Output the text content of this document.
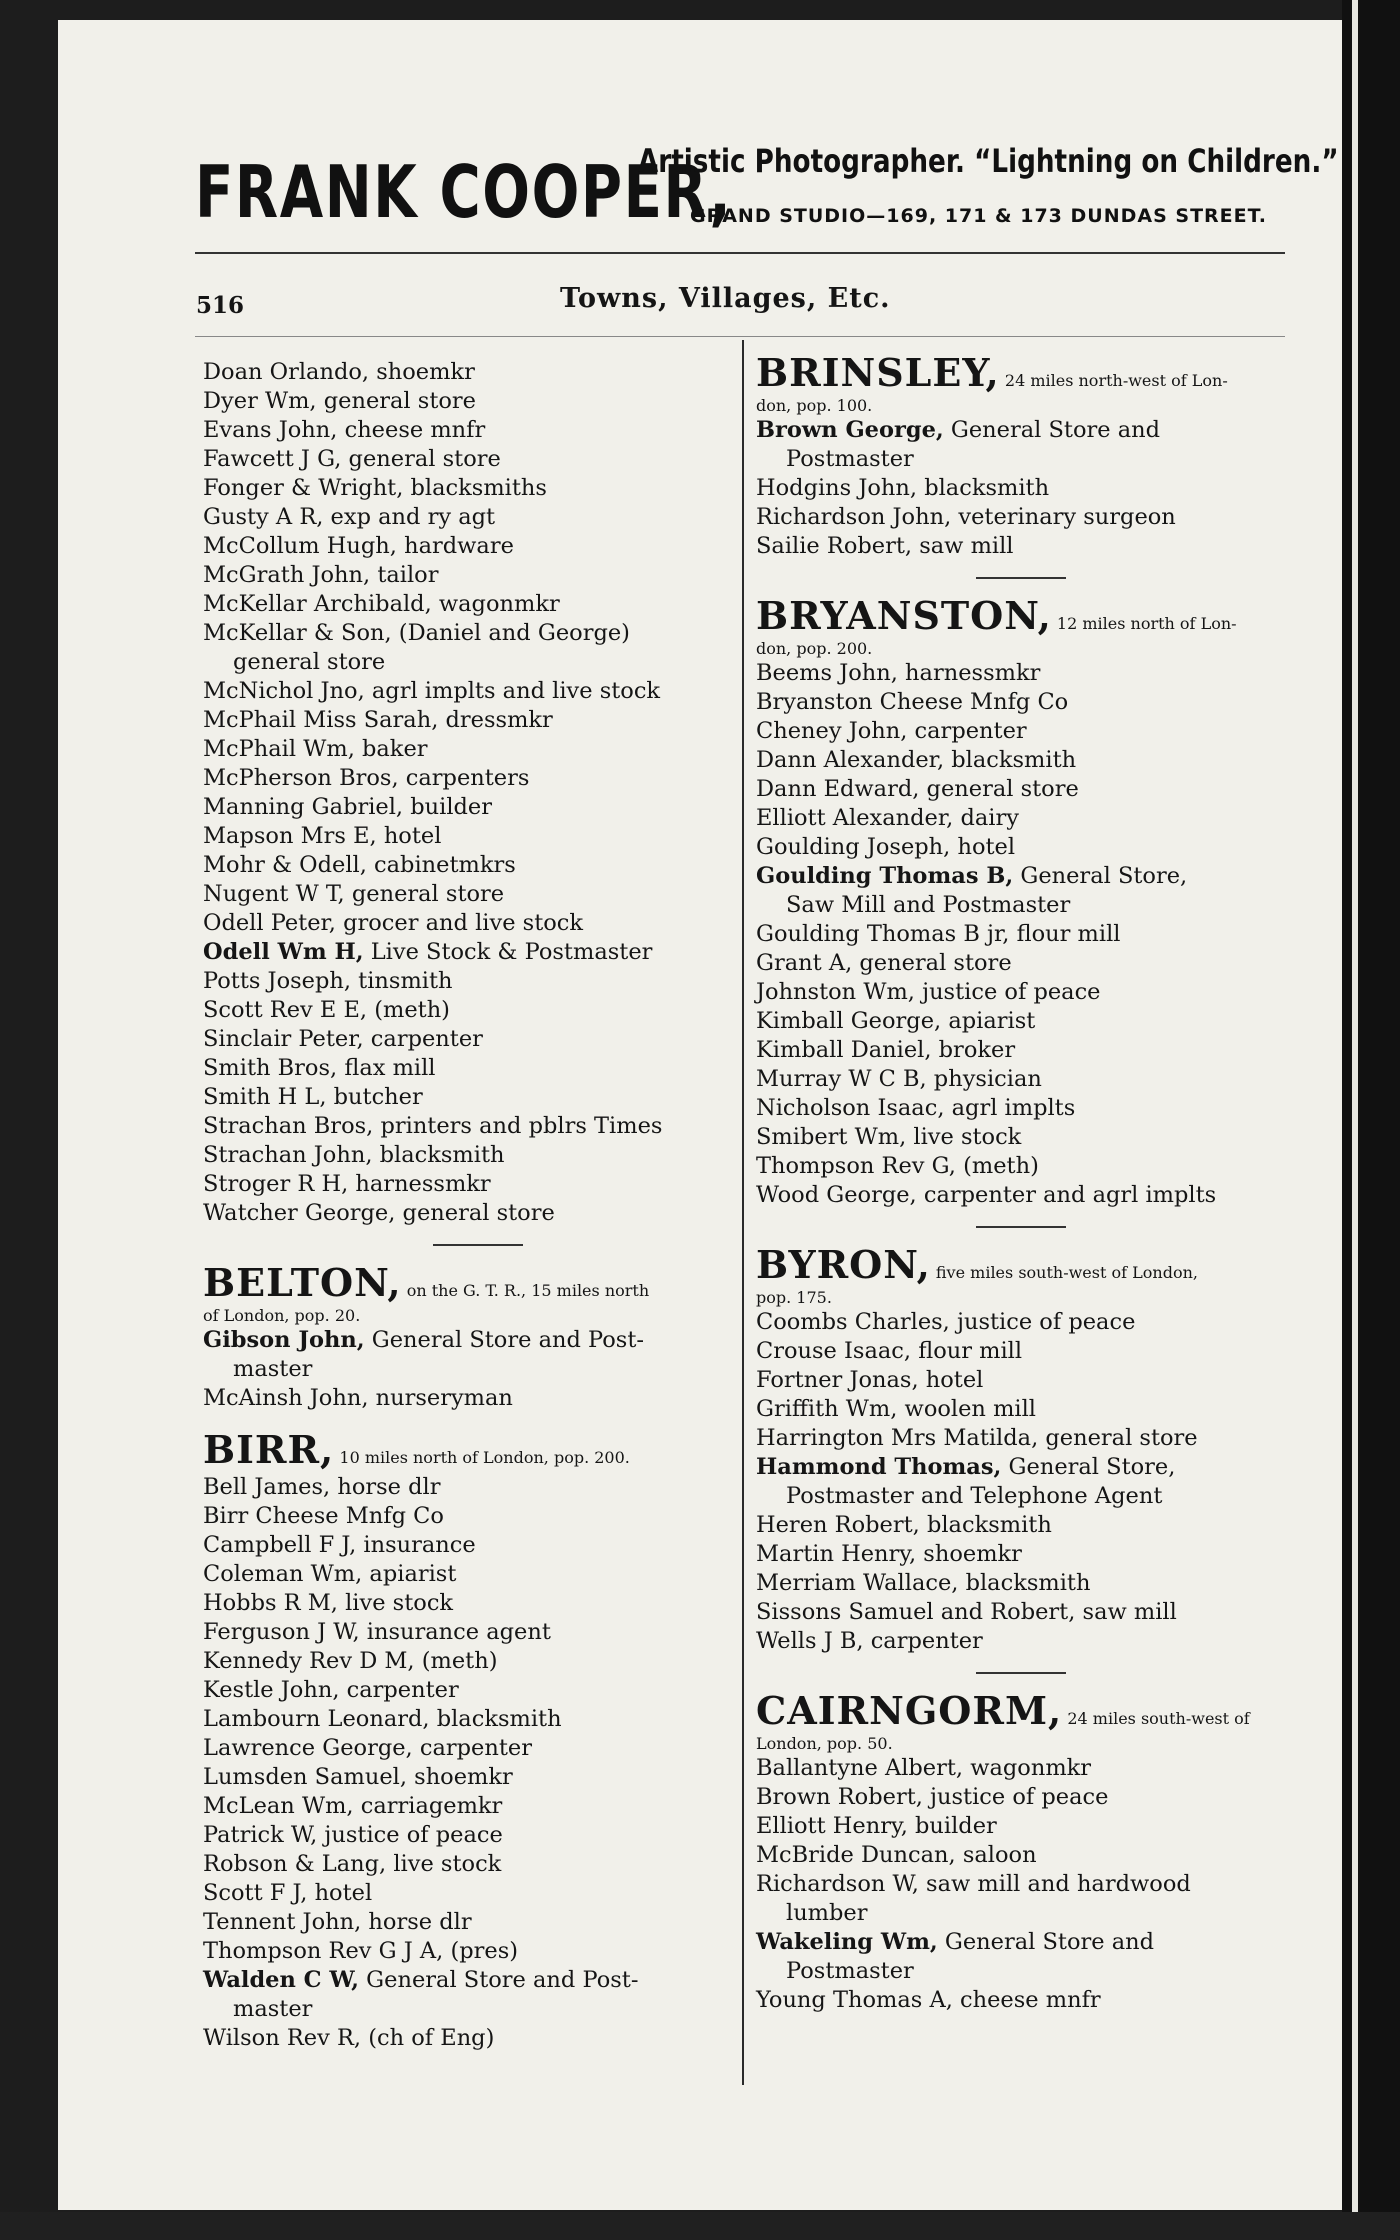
FRANK COOPER,
Artistic Photographer. “Lightning on Children.”
GRAND STUDIO—169, 171 & 173 DUNDAS STREET.
516	Towns, Villages, Etc.
Doan Orlando, shoemkr
Dyer Wm, general store
Evans John, cheese mnfr
Fawcett J G, general store
Fonger & Wright, blacksmiths
Gusty A R, exp and ry agt
McCollum Hugh, hardware
McGrath John, tailor
McKellar Archibald, wagonmkr
McKellar & Son, (Daniel and George)
general store
McNichol Jno, agrl implts and live stock
McPhail Miss Sarah, dressmkr
McPhail Wm, baker
McPherson Bros, carpenters
Manning Gabriel, builder
Mapson Mrs E, hotel
Mohr & Odell, cabinetmkrs
Nugent W T, general store
Odell Peter, grocer and live stock
Odell Wm H, Live Stock & Postmaster
Potts Joseph, tinsmith
Scott Rev E E, (meth)
Sinclair Peter, carpenter
Smith Bros, flax mill
Smith H L, butcher
Strachan Bros, printers and pblrs Times
Strachan John, blacksmith
Stroger R H, harnessmkr
Watcher George, general store
BELTON, on the G. T. R., 15 miles north
of London, pop. 20.
Gibson John, General Store and Post-
master
McAinsh John, nurseryman
BIRR, 10 miles north of London, pop. 200.
Bell James, horse dlr
Birr Cheese Mnfg Co
Campbell F J, insurance
Coleman Wm, apiarist
Hobbs R M, live stock
Ferguson J W, insurance agent
Kennedy Rev D M, (meth)
Kestle John, carpenter
Lambourn Leonard, blacksmith
Lawrence George, carpenter
Lumsden Samuel, shoemkr
McLean Wm, carriagemkr
Patrick W, justice of peace
Robson & Lang, live stock
Scott F J, hotel
Tennent John, horse dlr
Thompson Rev G J A, (pres)
Walden C W, General Store and Post-
master
Wilson Rev R, (ch of Eng)
BRINSLEY, 24 miles north-west of Lon-
don, pop. 100.
Brown George, General Store and
Postmaster
Hodgins John, blacksmith
Richardson John, veterinary surgeon
Sailie Robert, saw mill
BRYANSTON, 12 miles north of Lon-
don, pop. 200.
Beems John, harnessmkr
Bryanston Cheese Mnfg Co
Cheney John, carpenter
Dann Alexander, blacksmith
Dann Edward, general store
Elliott Alexander, dairy
Goulding Joseph, hotel
Goulding Thomas B, General Store,
Saw Mill and Postmaster
Goulding Thomas B jr, flour mill
Grant A, general store
Johnston Wm, justice of peace
Kimball George, apiarist
Kimball Daniel, broker
Murray W C B, physician
Nicholson Isaac, agrl implts
Smibert Wm, live stock
Thompson Rev G, (meth)
Wood George, carpenter and agrl implts
BYRON, five miles south-west of London,
pop. 175.
Coombs Charles, justice of peace
Crouse Isaac, flour mill
Fortner Jonas, hotel
Griffith Wm, woolen mill
Harrington Mrs Matilda, general store
Hammond Thomas, General Store,
Postmaster and Telephone Agent
Heren Robert, blacksmith
Martin Henry, shoemkr
Merriam Wallace, blacksmith
Sissons Samuel and Robert, saw mill
Wells J B, carpenter
CAIRNGORM, 24 miles south-west of
London, pop. 50.
Ballantyne Albert, wagonmkr
Brown Robert, justice of peace
Elliott Henry, builder
McBride Duncan, saloon
Richardson W, saw mill and hardwood
lumber
Wakeling Wm, General Store and
Postmaster
Young Thomas A, cheese mnfr
